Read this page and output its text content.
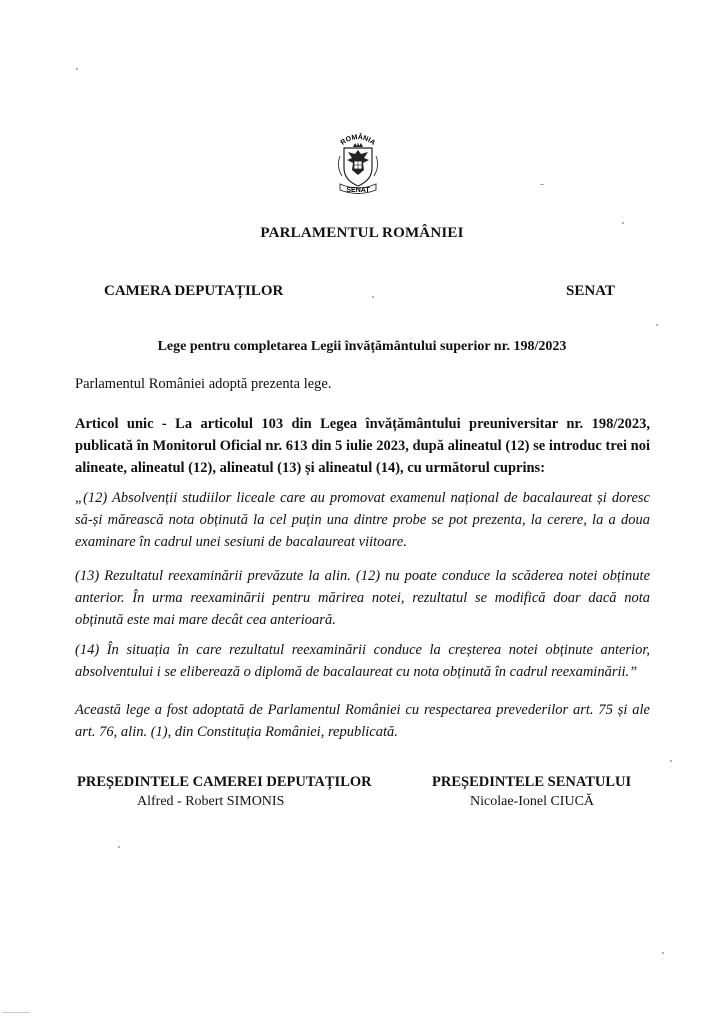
ROMÂNIA
SENAT
PARLAMENTUL ROMÂNIEI
CAMERA DEPUTAȚILOR	SENAT
Lege pentru completarea Legii învățământului superior nr. 198/2023
Parlamentul României adoptă prezenta lege.
Articol unic - La articolul 103 din Legea învățământului preuniversitar nr. 198/2023, publicată în Monitorul Oficial nr. 613 din 5 iulie 2023, după alineatul (12) se introduc trei noi alineate, alineatul (12), alineatul (13) și alineatul (14), cu următorul cuprins:
„(12) Absolvenții studiilor liceale care au promovat examenul național de bacalaureat și doresc să-și mărească nota obținută la cel puțin una dintre probe se pot prezenta, la cerere, la a doua examinare în cadrul unei sesiuni de bacalaureat viitoare.
(13) Rezultatul reexaminării prevăzute la alin. (12) nu poate conduce la scăderea notei obținute anterior. În urma reexaminării pentru mărirea notei, rezultatul se modifică doar dacă nota obținută este mai mare decât cea anterioară.
(14) În situația în care rezultatul reexaminării conduce la creșterea notei obținute anterior, absolventului i se eliberează o diplomă de bacalaureat cu nota obținută în cadrul reexaminării.”
Această lege a fost adoptată de Parlamentul României cu respectarea prevederilor art. 75 și ale art. 76, alin. (1), din Constituția României, republicată.
PREȘEDINTELE CAMEREI DEPUTAȚILOR
Alfred - Robert SIMONIS
PREȘEDINTELE SENATULUI
Nicolae-Ionel CIUCĂ
